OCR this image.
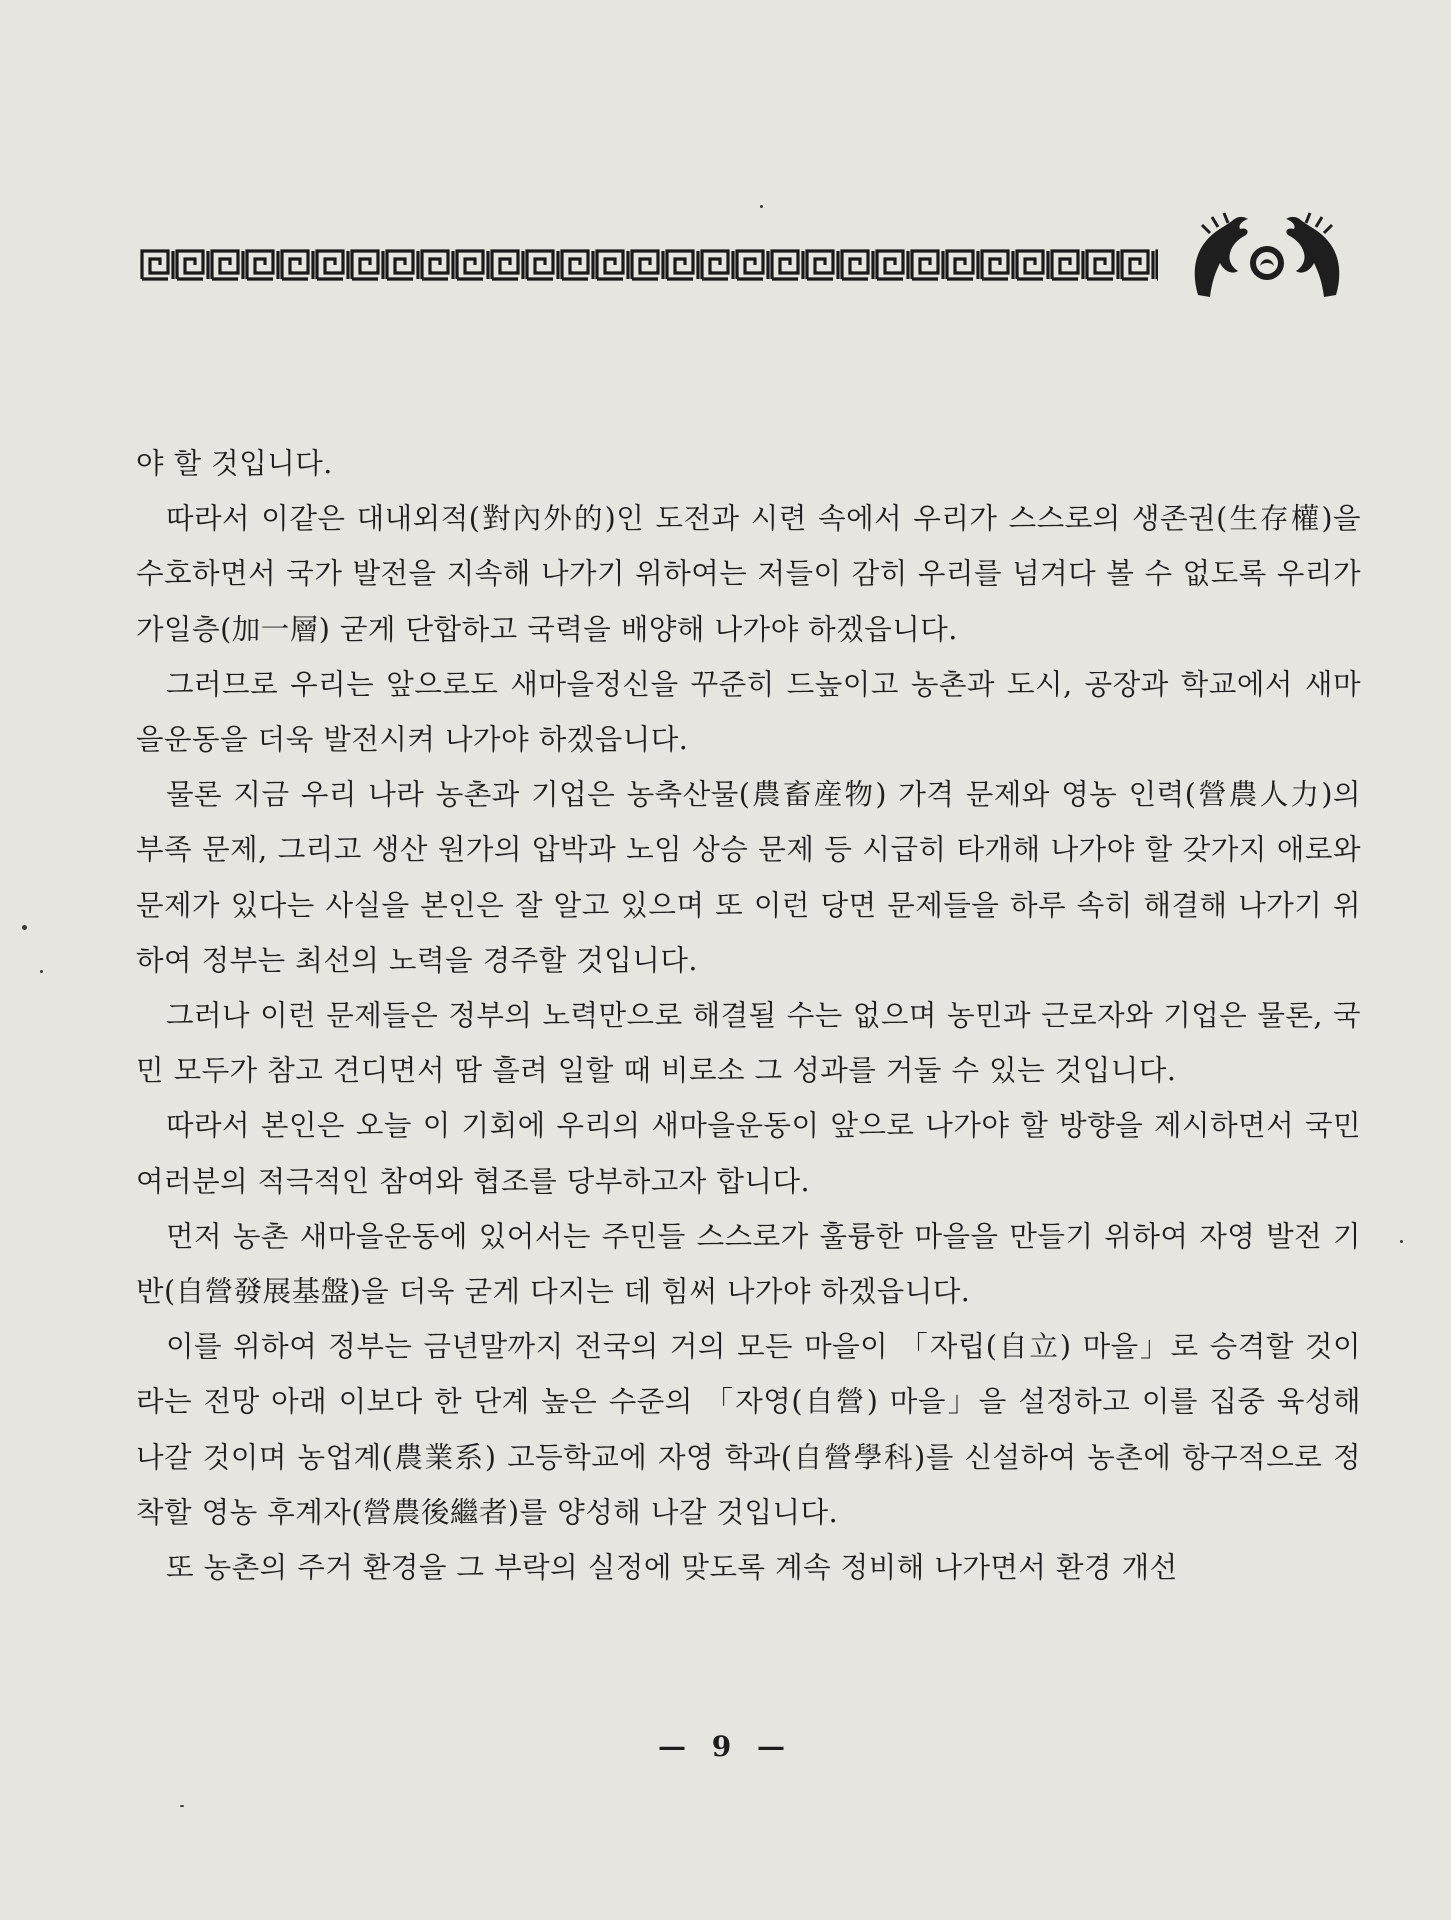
야 할 것입니다.

따라서 이같은 대내외적(對內外的)인 도전과 시련 속에서 우리가 스스로의 생존권(生存權)을 수호하면서 국가 발전을 지속해 나가기 위하여는 저들이 감히 우리를 넘겨다 볼 수 없도록 우리가 가일층(加一層) 굳게 단합하고 국력을 배양해 나가야 하겠읍니다.

그러므로 우리는 앞으로도 새마을정신을 꾸준히 드높이고 농촌과 도시, 공장과 학교에서 새마을운동을 더욱 발전시켜 나가야 하겠읍니다.

물론 지금 우리 나라 농촌과 기업은 농축산물(農畜産物) 가격 문제와 영농 인력(營農人力)의 부족 문제, 그리고 생산 원가의 압박과 노임 상승 문제 등 시급히 타개해 나가야 할 갖가지 애로와 문제가 있다는 사실을 본인은 잘 알고 있으며 또 이런 당면 문제들을 하루 속히 해결해 나가기 위하여 정부는 최선의 노력을 경주할 것입니다.

그러나 이런 문제들은 정부의 노력만으로 해결될 수는 없으며 농민과 근로자와 기업은 물론, 국민 모두가 참고 견디면서 땀 흘려 일할 때 비로소 그 성과를 거둘 수 있는 것입니다.

따라서 본인은 오늘 이 기회에 우리의 새마을운동이 앞으로 나가야 할 방향을 제시하면서 국민 여러분의 적극적인 참여와 협조를 당부하고자 합니다.

먼저 농촌 새마을운동에 있어서는 주민들 스스로가 훌륭한 마을을 만들기 위하여 자영 발전 기반(自營發展基盤)을 더욱 굳게 다지는 데 힘써 나가야 하겠읍니다.

이를 위하여 정부는 금년말까지 전국의 거의 모든 마을이 「자립(自立) 마을」로 승격할 것이라는 전망 아래 이보다 한 단계 높은 수준의 「자영(自營) 마을」을 설정하고 이를 집중 육성해 나갈 것이며 농업계(農業系) 고등학교에 자영 학과(自營學科)를 신설하여 농촌에 항구적으로 정착할 영농 후계자(營農後繼者)를 양성해 나갈 것입니다.

또 농촌의 주거 환경을 그 부락의 실정에 맞도록 계속 정비해 나가면서 환경 개선

— 9 —
